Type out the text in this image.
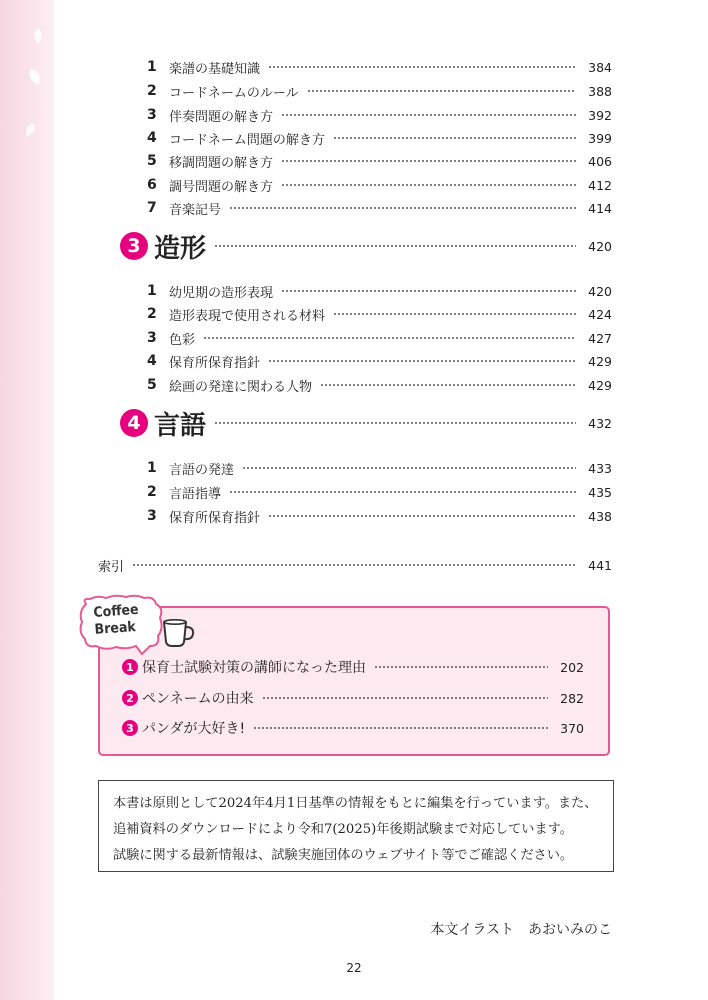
1 楽譜の基礎知識	384
2 コードネームのルール	388
3 伴奏問題の解き方	392
4 コードネーム問題の解き方	399
5 移調問題の解き方	406
6 調号問題の解き方	412
7 音楽記号	414
3 造形	420
1 幼児期の造形表現	420
2 造形表現で使用される材料	424
3 色彩	427
4 保育所保育指針	429
5 絵画の発達に関わる人物	429
4 言語	432
1 言語の発達	433
2 言語指導	435
3 保育所保育指針	438
索引	441
Coffee
Break
1 保育士試験対策の講師になった理由	202
2 ペンネームの由来	282
3 パンダが大好き!	370

本書は原則として2024年4月1日基準の情報をもとに編集を行っています。また、

追補資料のダウンロードにより令和7(2025)年後期試験まで対応しています。

試験に関する最新情報は、試験実施団体のウェブサイト等でご確認ください。

本文イラスト　あおいみのこ
22
